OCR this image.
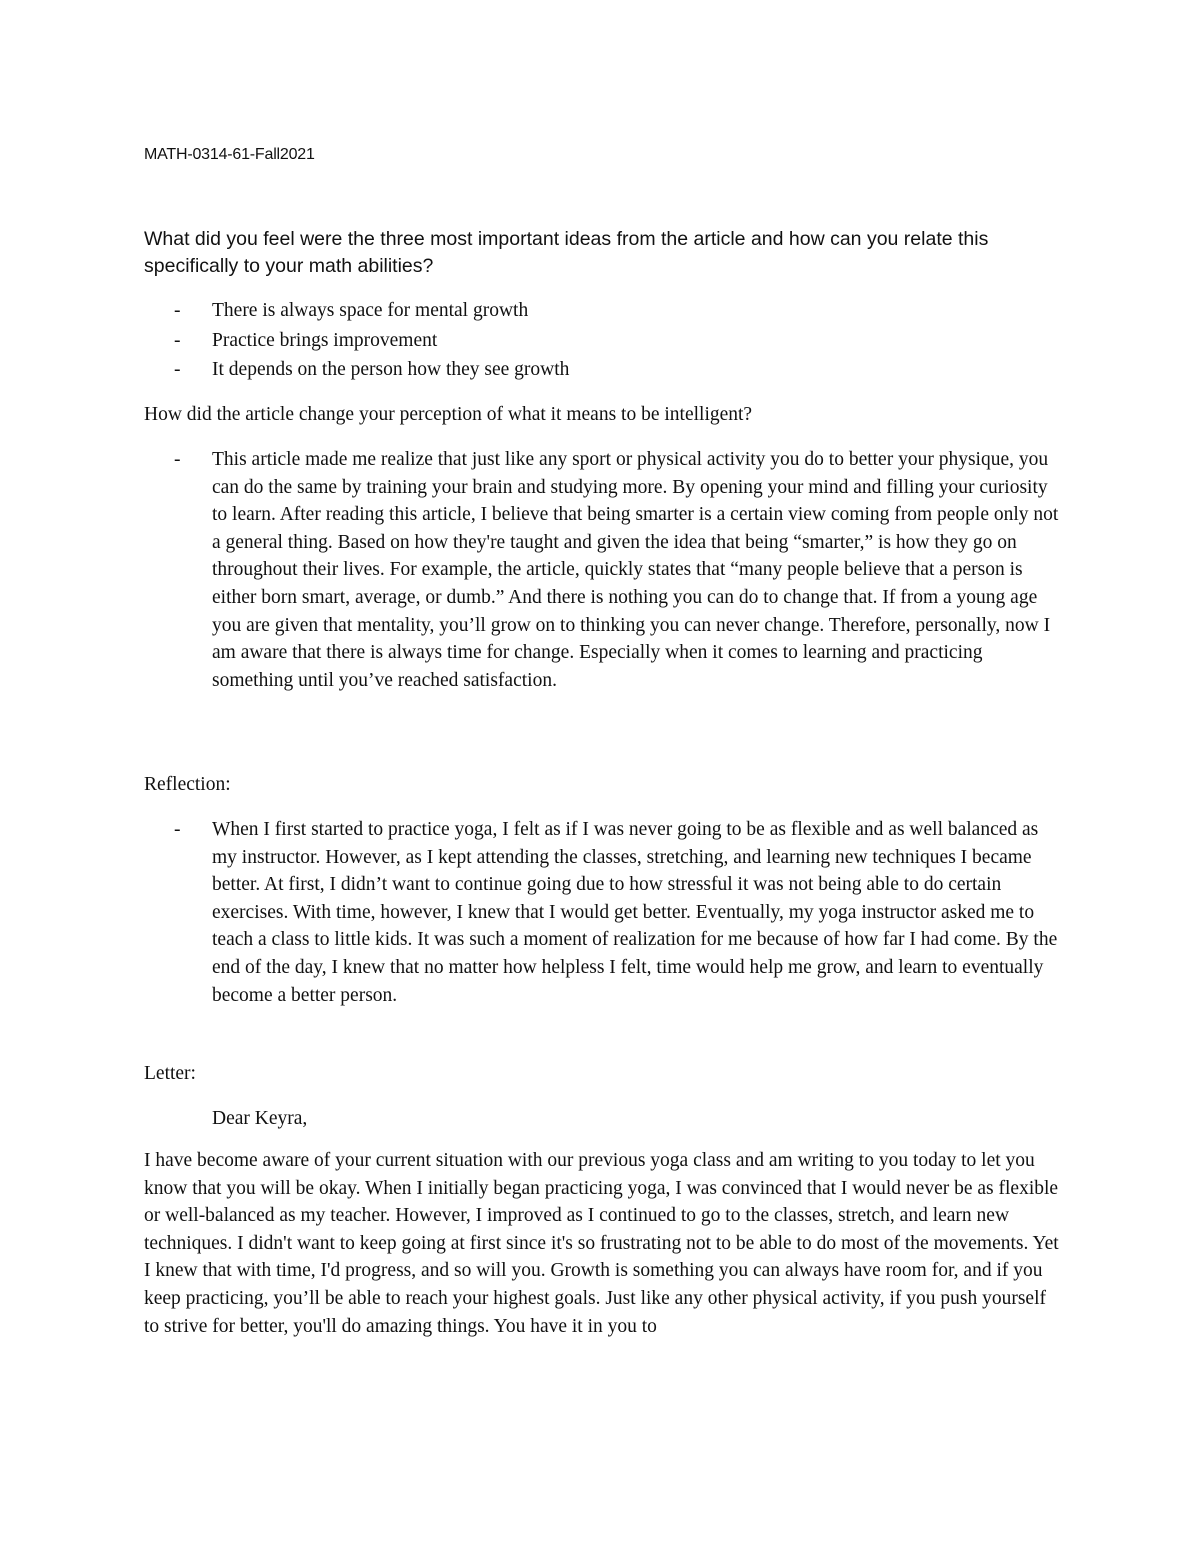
MATH-0314-61-Fall2021

What did you feel were the three most important ideas from the article and how can you relate this specifically to your math abilities?

- There is always space for mental growth
- Practice brings improvement
- It depends on the person how they see growth

How did the article change your perception of what it means to be intelligent?

- This article made me realize that just like any sport or physical activity you do to better your physique, you can do the same by training your brain and studying more. By opening your mind and filling your curiosity to learn. After reading this article, I believe that being smarter is a certain view coming from people only not a general thing. Based on how they're taught and given the idea that being “smarter,” is how they go on throughout their lives. For example, the article, quickly states that “many people believe that a person is either born smart, average, or dumb.” And there is nothing you can do to change that. If from a young age you are given that mentality, you’ll grow on to thinking you can never change. Therefore, personally, now I am aware that there is always time for change. Especially when it comes to learning and practicing something until you’ve reached satisfaction.

Reflection:

- When I first started to practice yoga, I felt as if I was never going to be as flexible and as well balanced as my instructor. However, as I kept attending the classes, stretching, and learning new techniques I became better. At first, I didn’t want to continue going due to how stressful it was not being able to do certain exercises. With time, however, I knew that I would get better. Eventually, my yoga instructor asked me to teach a class to little kids. It was such a moment of realization for me because of how far I had come. By the end of the day, I knew that no matter how helpless I felt, time would help me grow, and learn to eventually become a better person.

Letter:

Dear Keyra,

I have become aware of your current situation with our previous yoga class and am writing to you today to let you know that you will be okay. When I initially began practicing yoga, I was convinced that I would never be as flexible or well-balanced as my teacher. However, I improved as I continued to go to the classes, stretch, and learn new techniques. I didn't want to keep going at first since it's so frustrating not to be able to do most of the movements. Yet I knew that with time, I'd progress, and so will you. Growth is something you can always have room for, and if you keep practicing, you’ll be able to reach your highest goals. Just like any other physical activity, if you push yourself to strive for better, you'll do amazing things. You have it in you to
